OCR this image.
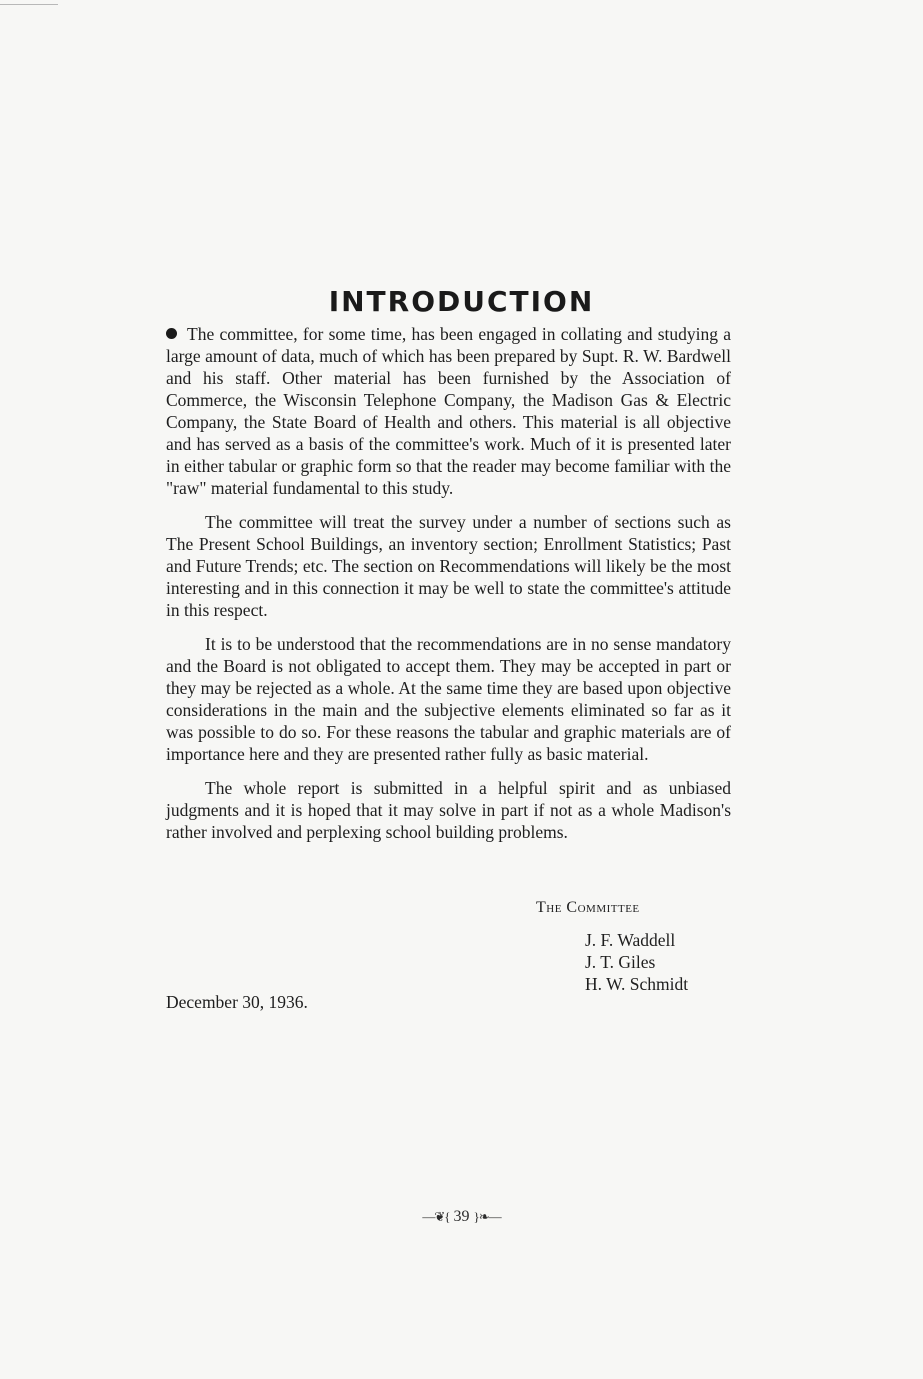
INTRODUCTION

The committee, for some time, has been engaged in collating and studying a large amount of data, much of which has been prepared by Supt. R. W. Bardwell and his staff. Other material has been furnished by the Association of Commerce, the Wisconsin Telephone Company, the Madison Gas & Electric Company, the State Board of Health and others. This material is all objective and has served as a basis of the committee's work. Much of it is presented later in either tabular or graphic form so that the reader may become familiar with the "raw" material fundamental to this study.

The committee will treat the survey under a number of sections such as The Present School Buildings, an inventory section; Enrollment Statistics; Past and Future Trends; etc. The section on Recommendations will likely be the most interesting and in this connection it may be well to state the committee's attitude in this respect.

It is to be understood that the recommendations are in no sense mandatory and the Board is not obligated to accept them. They may be accepted in part or they may be rejected as a whole. At the same time they are based upon objective considerations in the main and the subjective elements eliminated so far as it was possible to do so. For these reasons the tabular and graphic materials are of importance here and they are presented rather fully as basic material.

The whole report is submitted in a helpful spirit and as unbiased judgments and it is hoped that it may solve in part if not as a whole Madison's rather involved and perplexing school building problems.

The Committee
J. F. Waddell
J. T. Giles
H. W. Schmidt
December 30, 1936.
—❦{ 39 }❧—
